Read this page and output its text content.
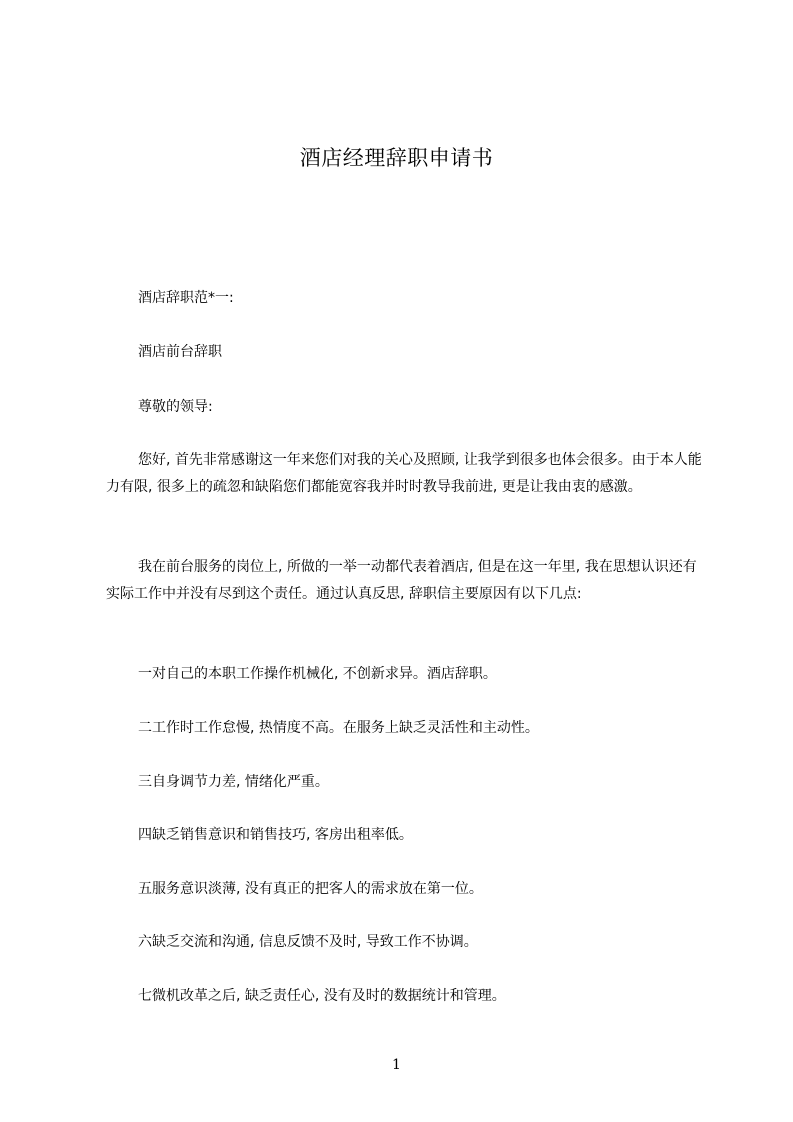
酒店经理辞职申请书

酒店辞职范*一:

酒店前台辞职

尊敬的领导:

您好, 首先非常感谢这一年来您们对我的关心及照顾, 让我学到很多也体会很多。由于本人能力有限, 很多上的疏忽和缺陷您们都能宽容我并时时教导我前进, 更是让我由衷的感激。

我在前台服务的岗位上, 所做的一举一动都代表着酒店, 但是在这一年里, 我在思想认识还有实际工作中并没有尽到这个责任。通过认真反思, 辞职信主要原因有以下几点:

一对自己的本职工作操作机械化, 不创新求异。酒店辞职。

二工作时工作怠慢, 热情度不高。在服务上缺乏灵活性和主动性。

三自身调节力差, 情绪化严重。

四缺乏销售意识和销售技巧, 客房出租率低。

五服务意识淡薄, 没有真正的把客人的需求放在第一位。

六缺乏交流和沟通, 信息反馈不及时, 导致工作不协调。

七微机改革之后, 缺乏责任心, 没有及时的数据统计和管理。

1
